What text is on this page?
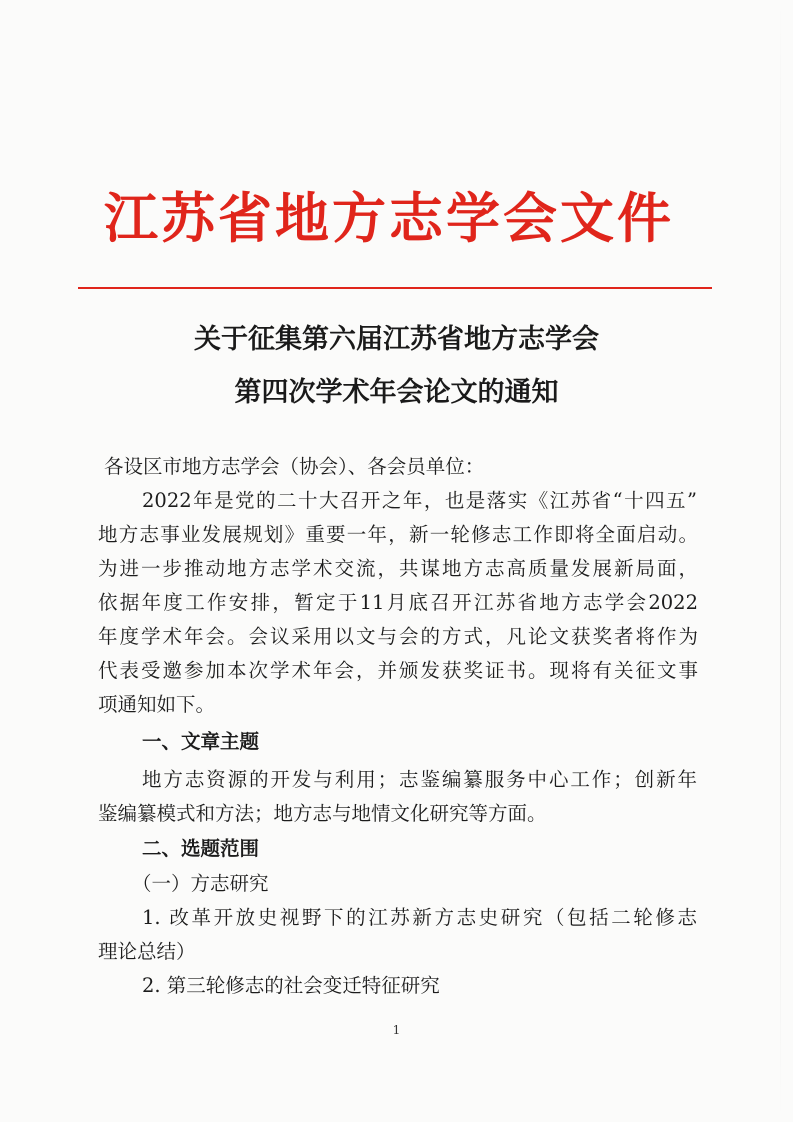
江苏省地方志学会文件
关于征集第六届江苏省地方志学会
第四次学术年会论文的通知
各设区市地方志学会（协会）、各会员单位：
2022年是党的二十大召开之年，也是落实《江苏省“十四五”
地方志事业发展规划》重要一年，新一轮修志工作即将全面启动。
为进一步推动地方志学术交流，共谋地方志高质量发展新局面，
依据年度工作安排，暂定于11月底召开江苏省地方志学会2022
年度学术年会。会议采用以文与会的方式，凡论文获奖者将作为
代表受邀参加本次学术年会，并颁发获奖证书。现将有关征文事
项通知如下。
一、文章主题
地方志资源的开发与利用；志鉴编纂服务中心工作；创新年
鉴编纂模式和方法；地方志与地情文化研究等方面。
二、选题范围
（一）方志研究
1. 改革开放史视野下的江苏新方志史研究（包括二轮修志
理论总结）
2. 第三轮修志的社会变迁特征研究
1
